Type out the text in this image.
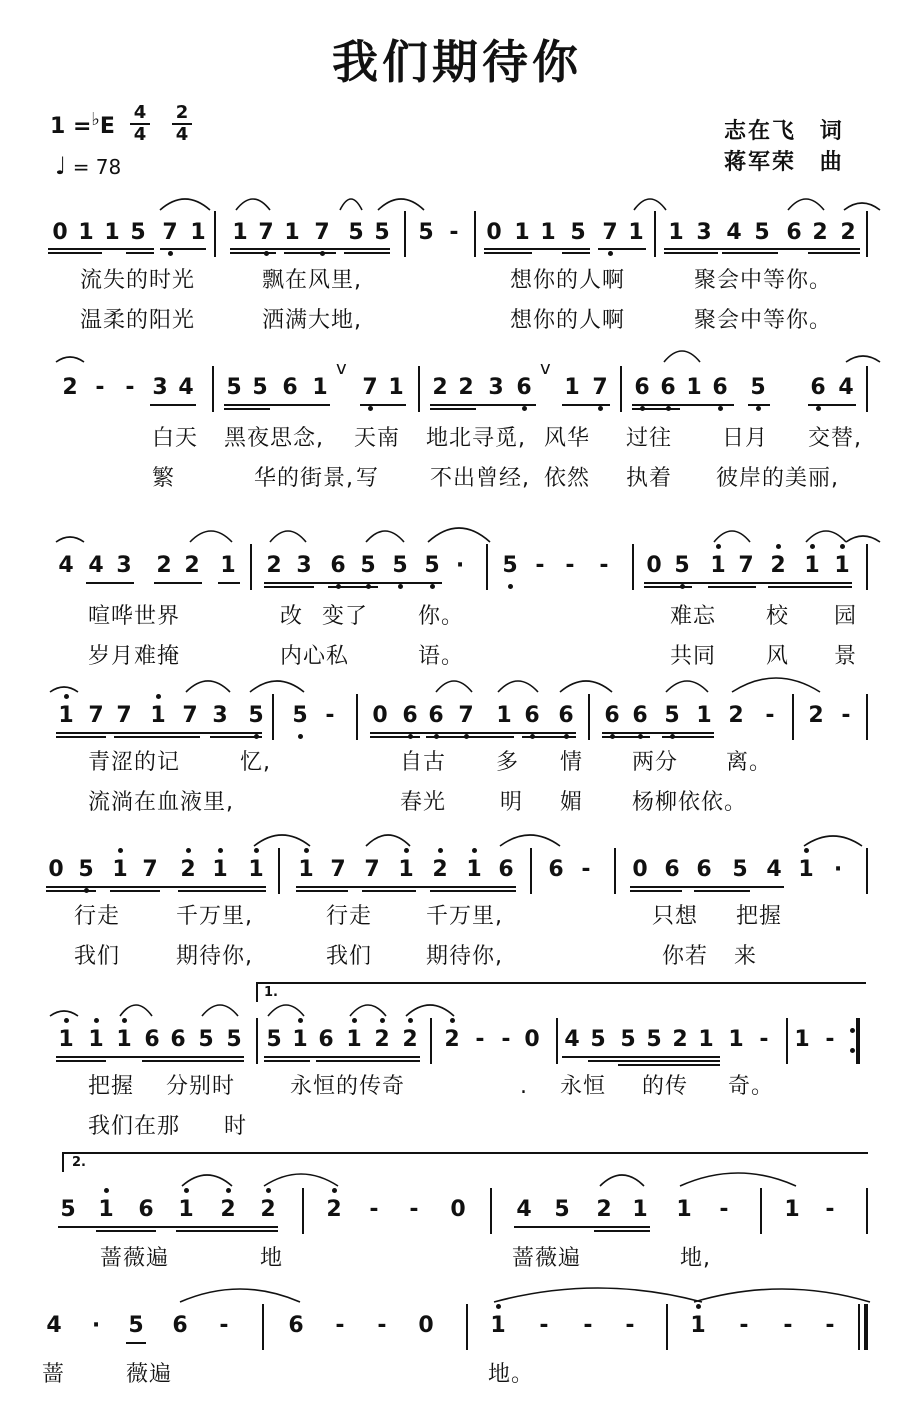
我们期待你
1 =♭E
4
4
2
4
♩ = 78
志在飞 词
蒋军荣 曲
0 1 1 5 7 1	1 7 1 7 5 5	5 -	0 1 1 5 7 1	1 3 4 5 6 2 2
2 - - 3 4	5 5 6 1	7 1	2 2 3 6	1 7	6 6 1 6	5	6 4
v	v
4 4 3	2 2 1	2 3 6 5 5 5 ·	5 - -	-	0 5 1 7 2 1 1
1 7 7 1 7 3 5	5 -	0 6 6 7	1 6 6	6 6 5 1 2 -	2 -
0 5 1 7	2 1 1	1 7 7 1 2 1 6	6 -	0 6 6 5 4 1 ·
1 1 1 6 6 5 5	5 1 6 1 2 2	2 - - 0	4 5 5 5 2 1 1 -	1 -
5	1	6	1	2	2	2	-	-	0	4	5	2 1	1	-	1	-
4	·	5	6	-	6	-	-	0	1	-	-	-	1	-	-	-
流失的时光	飘在风里,	想你的人啊	聚会中等你。
温柔的阳光	洒满大地,	想你的人啊	聚会中等你。
白天 黑夜思念, 天南 地北寻觅, 风华 过往 日月 交替,
繁	华的街景, 写 不出曾经, 依然 执着 彼岸的美丽,
喧哗世界	改 变了 你。	难忘 校 园
岁月难掩	内心私	语。	共同 风 景
青涩的记	忆,	自古 多 情 两分 离。
流淌在血液里,	春光 明 媚 杨柳依依。
行走	千万里,	行走 千万里,	只想 把握
我们	期待你,	我们 期待你,	你若 来
把握 分别时 永恒的传奇	. 永恒 的传 奇。
我们在那 时
蔷薇遍	地	蔷薇遍	地,
蔷	薇遍	地。
1.
2.
